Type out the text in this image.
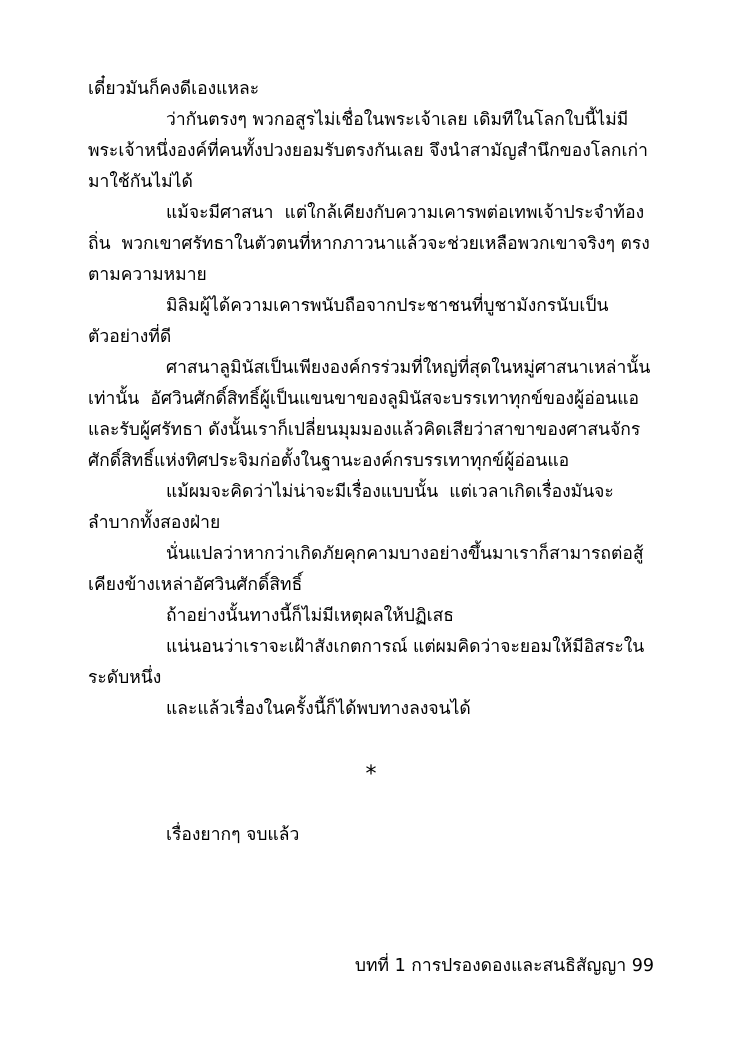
เดี๋ยวมันก็คงดีเองแหละ

ว่ากันตรงๆ พวกอสูรไม่เชื่อในพระเจ้าเลย เดิมทีในโลกใบนี้ไม่มีพระเจ้าหนึ่งองค์ที่คนทั้งปวงยอมรับตรงกันเลย จึงนำสามัญสำนึกของโลกเก่ามาใช้กันไม่ได้

แม้จะมีศาสนา  แต่ใกล้เคียงกับความเคารพต่อเทพเจ้าประจำท้องถิ่น  พวกเขาศรัทธาในตัวตนที่หากภาวนาแล้วจะช่วยเหลือพวกเขาจริงๆ ตรงตามความหมาย

มิลิมผู้ได้ความเคารพนับถือจากประชาชนที่บูชามังกรนับเป็นตัวอย่างที่ดี

ศาสนาลูมินัสเป็นเพียงองค์กรร่วมที่ใหญ่ที่สุดในหมู่ศาสนาเหล่านั้นเท่านั้น  อัศวินศักดิ์สิทธิ์ผู้เป็นแขนขาของลูมินัสจะบรรเทาทุกข์ของผู้อ่อนแอและรับผู้ศรัทธา ดังนั้นเราก็เปลี่ยนมุมมองแล้วคิดเสียว่าสาขาของศาสนจักรศักดิ์สิทธิ์แห่งทิศประจิมก่อตั้งในฐานะองค์กรบรรเทาทุกข์ผู้อ่อนแอ

แม้ผมจะคิดว่าไม่น่าจะมีเรื่องแบบนั้น  แต่เวลาเกิดเรื่องมันจะลำบากทั้งสองฝ่าย

นั่นแปลว่าหากว่าเกิดภัยคุกคามบางอย่างขึ้นมาเราก็สามารถต่อสู้เคียงข้างเหล่าอัศวินศักดิ์สิทธิ์

ถ้าอย่างนั้นทางนี้ก็ไม่มีเหตุผลให้ปฏิเสธ

แน่นอนว่าเราจะเฝ้าสังเกตการณ์ แต่ผมคิดว่าจะยอมให้มีอิสระในระดับหนึ่ง

และแล้วเรื่องในครั้งนี้ก็ได้พบทางลงจนได้

*

เรื่องยากๆ จบแล้ว

บทที่ 1 การปรองดองและสนธิสัญญา 99
